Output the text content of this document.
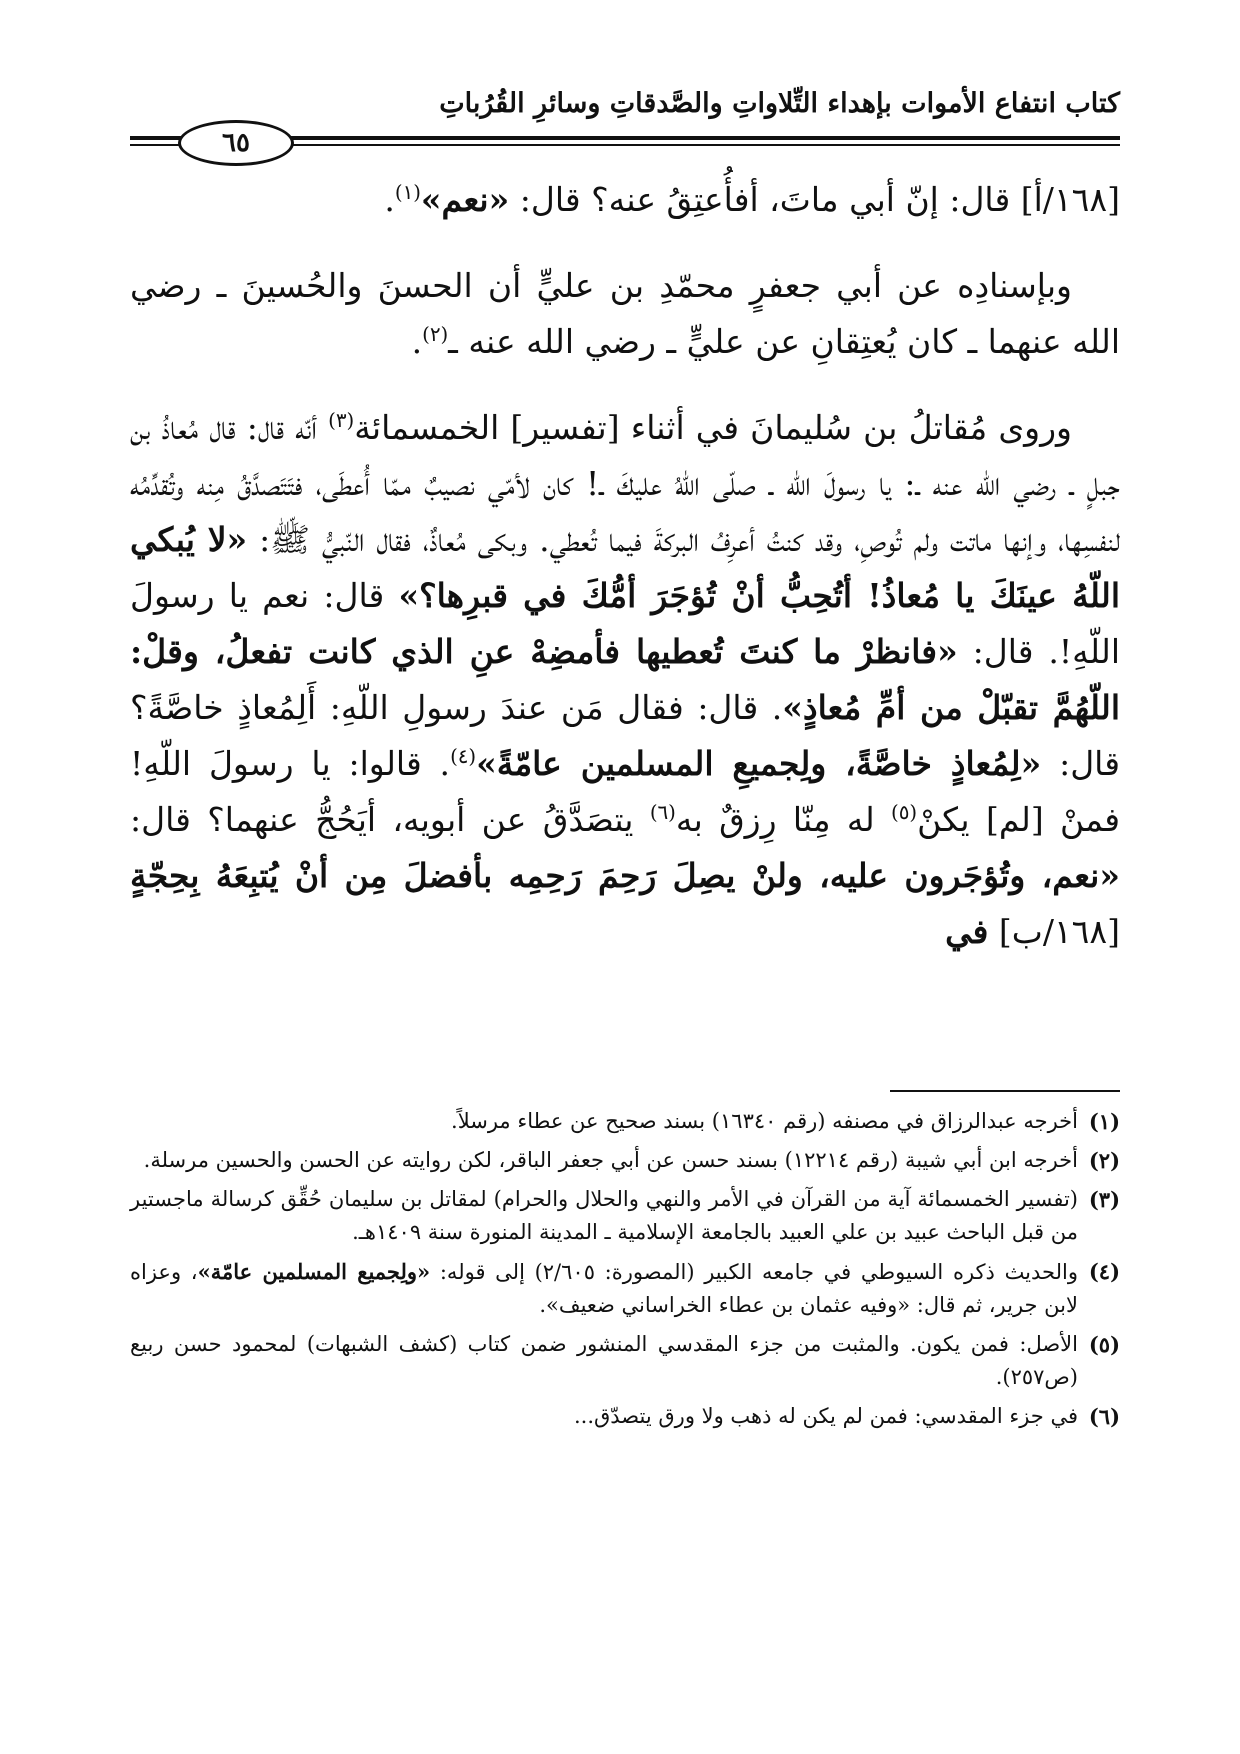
كتاب انتفاع الأموات بإهداء التِّلاواتِ والصَّدقاتِ وسائرِ القُرُباتِ
٦٥

[١٦٨/أ] قال: إنّ أبي ماتَ، أفأُعتِقُ عنه؟ قال: «نعم»$^{(١)}$.

وبإسنادِه عن أبي جعفرٍ محمّدِ بن عليٍّ أن الحسنَ والحُسينَ ـ رضي الله عنهما ـ كان يُعتِقانِ عن عليٍّ ـ رضي الله عنه ـ$^{(٢)}$.

وروى مُقاتلُ بن سُليمانَ في أثناء [تفسير] الخمسمائة$^{(٣)}$ أنّه قال: قال مُعاذُ بن جبلٍ ـ رضي الله عنه ـ: يا رسولَ الله ـ صلّى اللّهُ عليكَ ـ! كان لأمّي نصيبٌ ممّا أُعطَى، فتَتَصدَّقُ مِنه وتُقدِّمُه لنفسِها، وإنها ماتت ولم تُوصِ، وقد كنتُ أعرِفُ البركةَ فيما تُعطي. وبكى مُعاذٌ، فقال النّبيُّ ﷺ: «لا يُبكي اللّهُ عينَكَ يا مُعاذُ! أتُحِبُّ أنْ تُؤجَرَ أمُّكَ في قبرِها؟» قال: نعم يا رسولَ اللّهِ!. قال: «فانظرْ ما كنتَ تُعطيها فأمضِهْ عنِ الذي كانت تفعلُ، وقلْ: اللّهُمَّ تقبّلْ من أمِّ مُعاذٍ». قال: فقال مَن عندَ رسولِ اللّهِ: أَلِمُعاذٍ خاصَّةً؟ قال: «لِمُعاذٍ خاصَّةً، ولِجميعِ المسلمين عامّةً»$^{(٤)}$. قالوا: يا رسولَ اللّهِ! فمنْ [لم] يكنْ$^{(٥)}$ له مِنّا رِزقٌ به$^{(٦)}$ يتصَدَّقُ عن أبويه، أيَحُجُّ عنهما؟ قال: «نعم، وتُؤجَرون عليه، ولنْ يصِلَ رَحِمَ رَحِمِه بأفضلَ مِن أنْ يُتبِعَهُ بِحِجّةٍ [١٦٨/ب] في

(١)
أخرجه عبدالرزاق في مصنفه (رقم ١٦٣٤٠) بسند صحيح عن عطاء مرسلاً.
(٢)
أخرجه ابن أبي شيبة (رقم ١٢٢١٤) بسند حسن عن أبي جعفر الباقر، لكن روايته عن الحسن والحسين مرسلة.
(٣)
(تفسير الخمسمائة آية من القرآن في الأمر والنهي والحلال والحرام) لمقاتل بن سليمان حُقِّق كرسالة ماجستير من قبل الباحث عبيد بن علي العبيد بالجامعة الإسلامية ـ المدينة المنورة سنة ١٤٠٩هـ.
(٤)
والحديث ذكره السيوطي في جامعه الكبير (المصورة: ٢/٦٠٥) إلى قوله: «ولِجميع المسلمين عامّة»، وعزاه لابن جرير، ثم قال: «وفيه عثمان بن عطاء الخراساني ضعيف».
(٥)
الأصل: فمن يكون. والمثبت من جزء المقدسي المنشور ضمن كتاب (كشف الشبهات) لمحمود حسن ربيع (ص٢٥٧).
(٦)
في جزء المقدسي: فمن لم يكن له ذهب ولا ورق يتصدّق...
